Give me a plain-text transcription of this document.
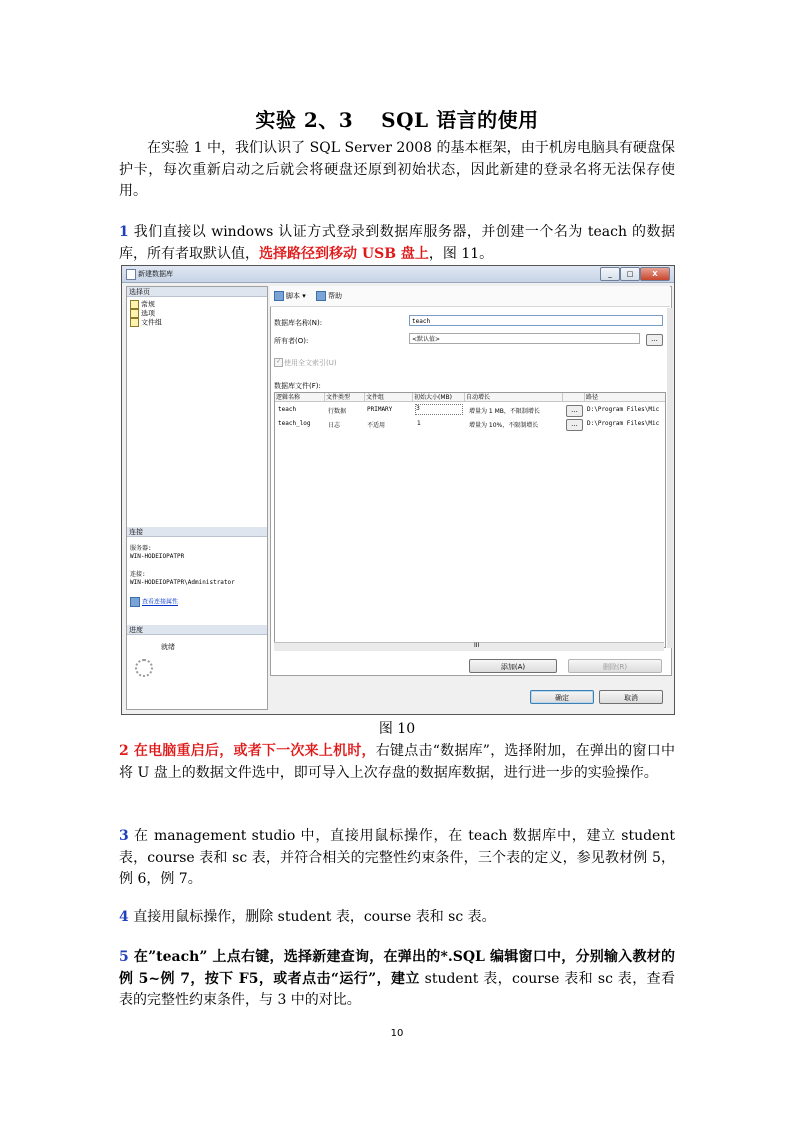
实验 2、3　 SQL 语言的使用

在实验 1 中，我们认识了 SQL Server 2008 的基本框架，由于机房电脑具有硬盘保护卡，每次重新启动之后就会将硬盘还原到初始状态，因此新建的登录名将无法保存使用。

1 我们直接以 windows 认证方式登录到数据库服务器，并创建一个名为 teach 的数据库，所有者取默认值，选择路径到移动 USB 盘上，图 11。

新建数据库	_	□	X
选择页
常规
选项
文件组
连接
服务器:
WIN-HODEIOPATPR
连接:
WIN-HODEIOPATPR\Administrator
查看连接属性
进度
就绪
脚本 ▾	帮助
数据库名称(N):	teach
所有者(O):	<默认值>	...
✓ 使用全文索引(U)
数据库文件(F):
逻辑名称	文件类型	文件组	初始大小(MB)	自动增长	路径
teach	行数据	PRIMARY	3	增量为 1 MB，不限制增长	...	D:\Program Files\Mic
teach_log	日志	不适用	1	增量为 10%，不限制增长	...	D:\Program Files\Mic
III
添加(A)	删除(R)
确定	取消
图 10

2 在电脑重启后，或者下一次来上机时，右键点击“数据库”，选择附加，在弹出的窗口中将 U 盘上的数据文件选中，即可导入上次存盘的数据库数据，进行进一步的实验操作。

3 在 management studio 中，直接用鼠标操作，在 teach 数据库中，建立 student 表，course 表和 sc 表，并符合相关的完整性约束条件，三个表的定义，参见教材例 5，例 6，例 7。

4 直接用鼠标操作，删除 student 表，course 表和 sc 表。

5 在”teach” 上点右键，选择新建查询，在弹出的*.SQL 编辑窗口中，分别输入教材的例 5~例 7，按下 F5，或者点击“运行”，建立 student 表，course 表和 sc 表，查看表的完整性约束条件，与 3 中的对比。

10
